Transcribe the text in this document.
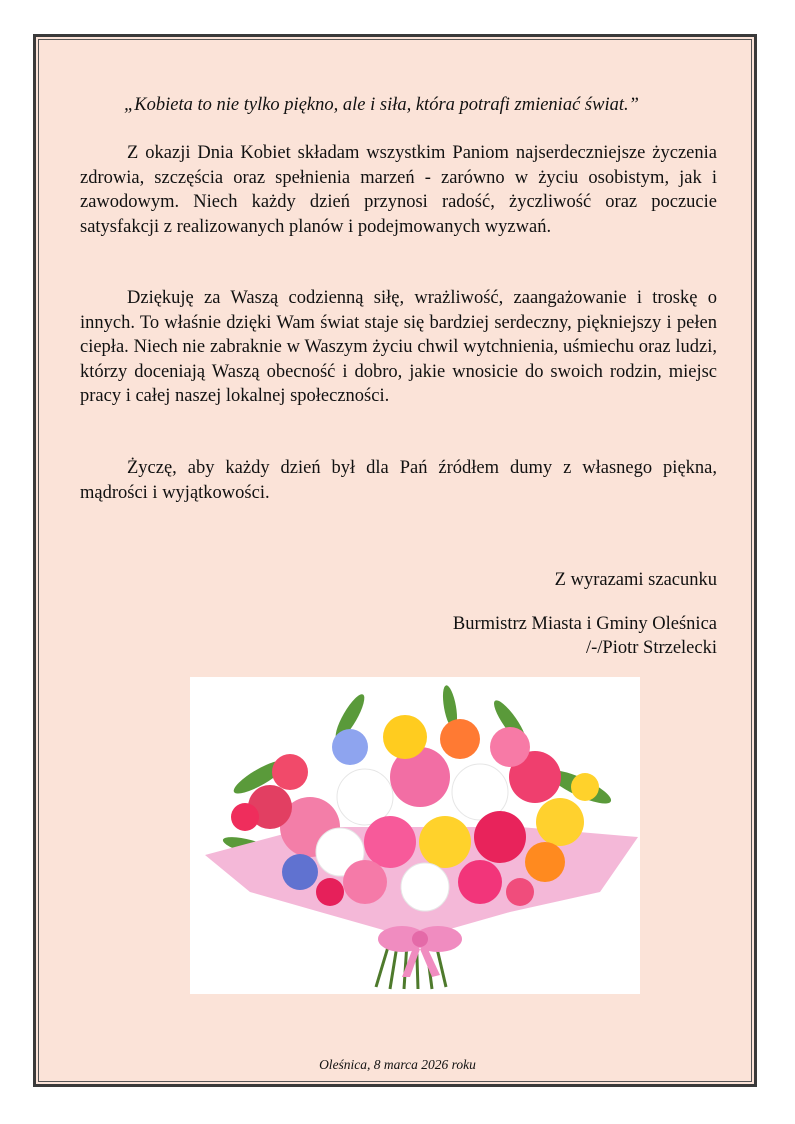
„Kobieta to nie tylko piękno, ale i siła, która potrafi zmieniać świat.”

Z okazji Dnia Kobiet składam wszystkim Paniom najserdeczniejsze życzenia zdrowia, szczęścia oraz spełnienia marzeń - zarówno w życiu osobistym, jak i zawodowym. Niech każdy dzień przynosi radość, życzliwość oraz poczucie satysfakcji z realizowanych planów i podejmowanych wyzwań.

Dziękuję za Waszą codzienną siłę, wrażliwość, zaangażowanie i troskę o innych. To właśnie dzięki Wam świat staje się bardziej serdeczny, piękniejszy i pełen ciepła. Niech nie zabraknie w Waszym życiu chwil wytchnienia, uśmiechu oraz ludzi, którzy doceniają Waszą obecność i dobro, jakie wnosicie do swoich rodzin, miejsc pracy i całej naszej lokalnej społeczności.

Życzę, aby każdy dzień był dla Pań źródłem dumy z własnego piękna, mądrości i wyjątkowości.

Z wyrazami szacunku
Burmistrz Miasta i Gminy Oleśnica
/-/Piotr Strzelecki
Oleśnica, 8 marca 2026 roku
